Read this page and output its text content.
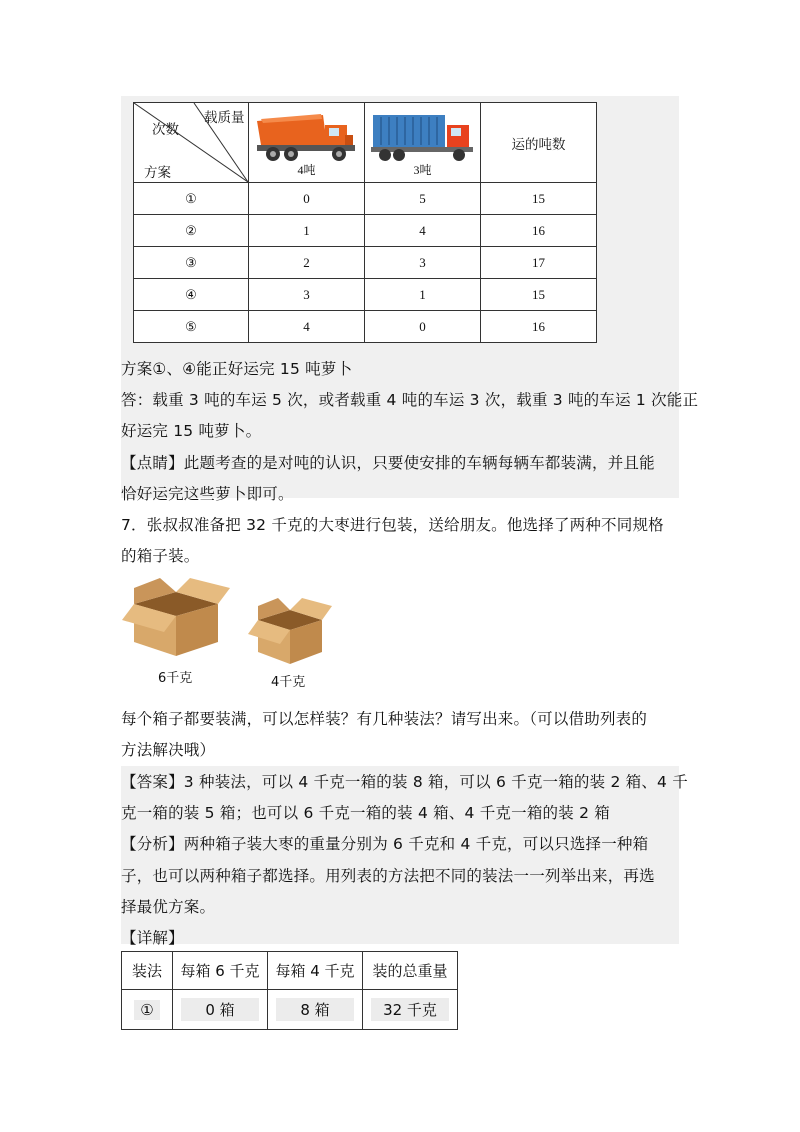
载质量
次数
方案	4吨	3吨	运的吨数
①	0	5	15
②	1	4	16
③	2	3	17
④	3	1	15
⑤	4	0	16
方案①、④能正好运完 15 吨萝卜
答：载重 3 吨的车运 5 次，或者载重 4 吨的车运 3 次，载重 3 吨的车运 1 次能正
好运完 15 吨萝卜。
【点睛】此题考查的是对吨的认识，只要使安排的车辆每辆车都装满，并且能
恰好运完这些萝卜即可。
7．张叔叔准备把 32 千克的大枣进行包装，送给朋友。他选择了两种不同规格
的箱子装。
6千克	4千克
每个箱子都要装满，可以怎样装？有几种装法？请写出来。（可以借助列表的
方法解决哦）
【答案】3 种装法，可以 4 千克一箱的装 8 箱，可以 6 千克一箱的装 2 箱、4 千
克一箱的装 5 箱；也可以 6 千克一箱的装 4 箱、4 千克一箱的装 2 箱
【分析】两种箱子装大枣的重量分别为 6 千克和 4 千克，可以只选择一种箱
子，也可以两种箱子都选择。用列表的方法把不同的装法一一列举出来，再选
择最优方案。
【详解】
装法	每箱 6 千克	每箱 4 千克	装的总重量
①	0 箱	8 箱	32 千克
